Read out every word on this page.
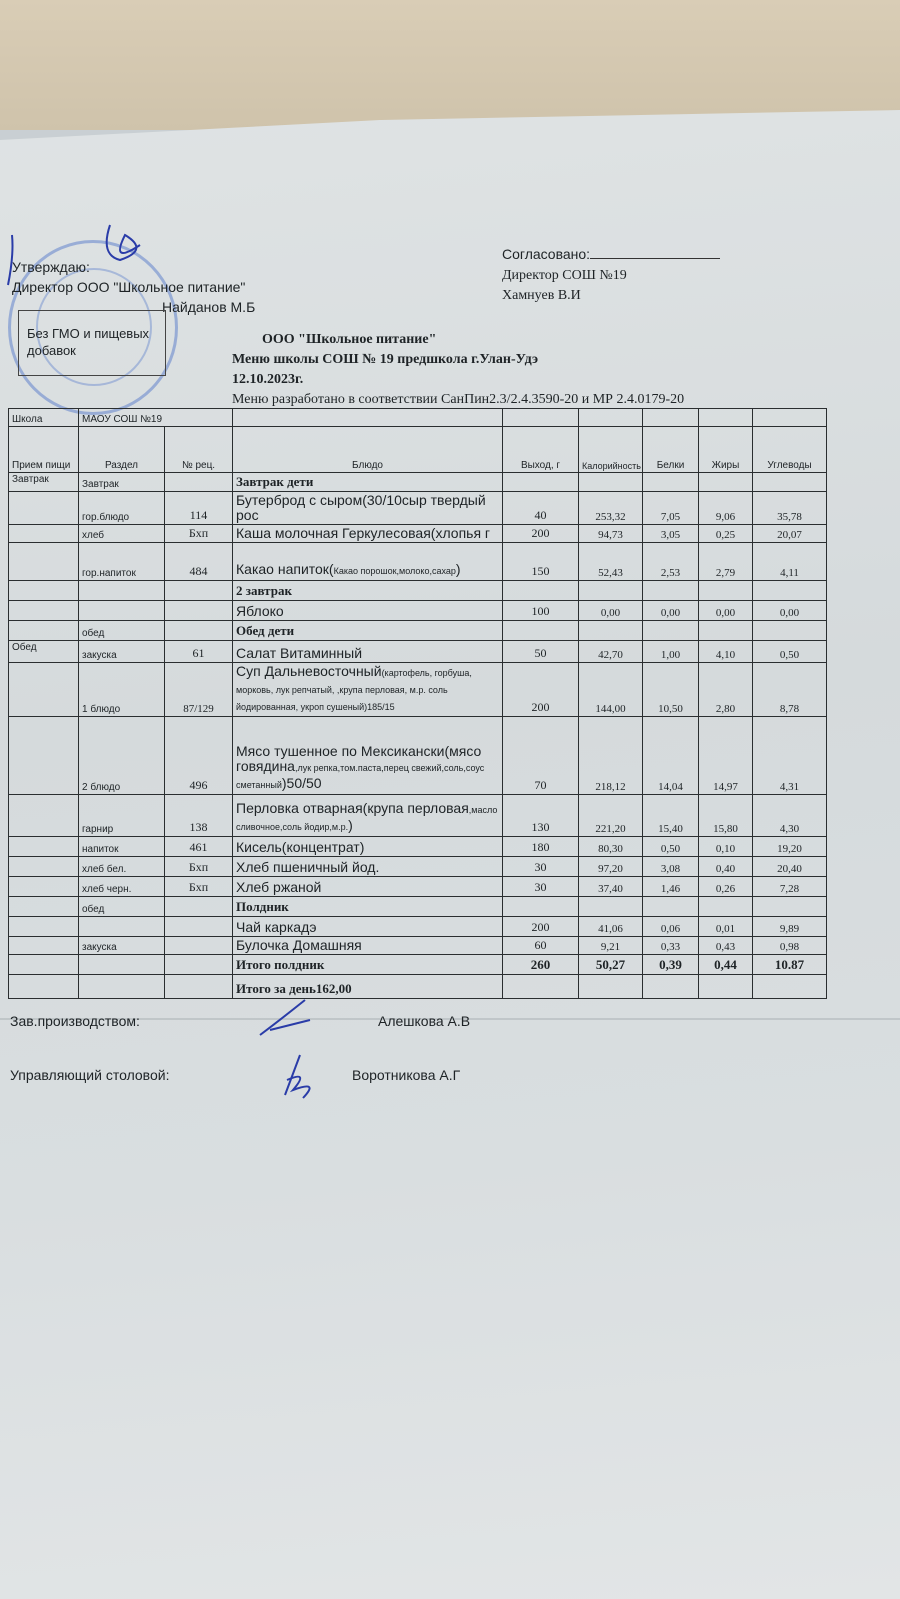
Утверждаю:
Директор ООО "Школьное питание"
Найданов М.Б
Без ГМО и пищевых добавок
Согласовано:
Директор СОШ №19
Хамнуев В.И
ООО "Школьное питание"
Меню школы СОШ № 19 предшкола г.Улан-Удэ
12.10.2023г.
Меню разработано в соответствии СанПин2.3/2.4.3590-20 и МР 2.4.0179-20
Школа	МАОУ СОШ №19							
Прием пищи	Раздел	№ рец.	Блюдо	Выход, г	Калорийность	Белки	Жиры	Углеводы
Завтрак	Завтрак		Завтрак дети					
	гор.блюдо	114	Бутерброд с сыром(30/10сыр твердый рос	40	253,32	7,05	9,06	35,78
	хлеб	Бхп	Каша молочная Геркулесовая(хлопья г	200	94,73	3,05	0,25	20,07
	гор.напиток	484	Какао напиток(Какао порошок,молоко,сахар)	150	52,43	2,53	2,79	4,11
			2 завтрак					
			Яблоко	100	0,00	0,00	0,00	0,00
	обед		Обед дети					
Обед	закуска	61	Салат Витаминный	50	42,70	1,00	4,10	0,50
	1 блюдо	87/129	Суп Дальневосточный(картофель, горбуша, морковь, лук репчатый, ,крупа перловая, м.р. соль йодированная, укроп сушеный)185/15	200	144,00	10,50	2,80	8,78
	2 блюдо	496	Мясо тушенное по Мексикански(мясо говядина,лук репка,том.паста,перец свежий,соль,соус сметанный)50/50	70	218,12	14,04	14,97	4,31
	гарнир	138	Перловка отварная(крупа перловая,масло сливочное,соль йодир,м.р.)	130	221,20	15,40	15,80	4,30
	напиток	461	Кисель(концентрат)	180	80,30	0,50	0,10	19,20
	хлеб бел.	Бхп	Хлеб пшеничный йод.	30	97,20	3,08	0,40	20,40
	хлеб черн.	Бхп	Хлеб ржаной	30	37,40	1,46	0,26	7,28
	обед		Полдник					
			Чай каркадэ	200	41,06	0,06	0,01	9,89
	закуска		Булочка Домашняя	60	9,21	0,33	0,43	0,98
			Итого полдник	260	50,27	0,39	0,44	10.87
			Итого за день162,00					
Зав.производством:	Алешкова А.В
Управляющий столовой:	Воротникова А.Г
